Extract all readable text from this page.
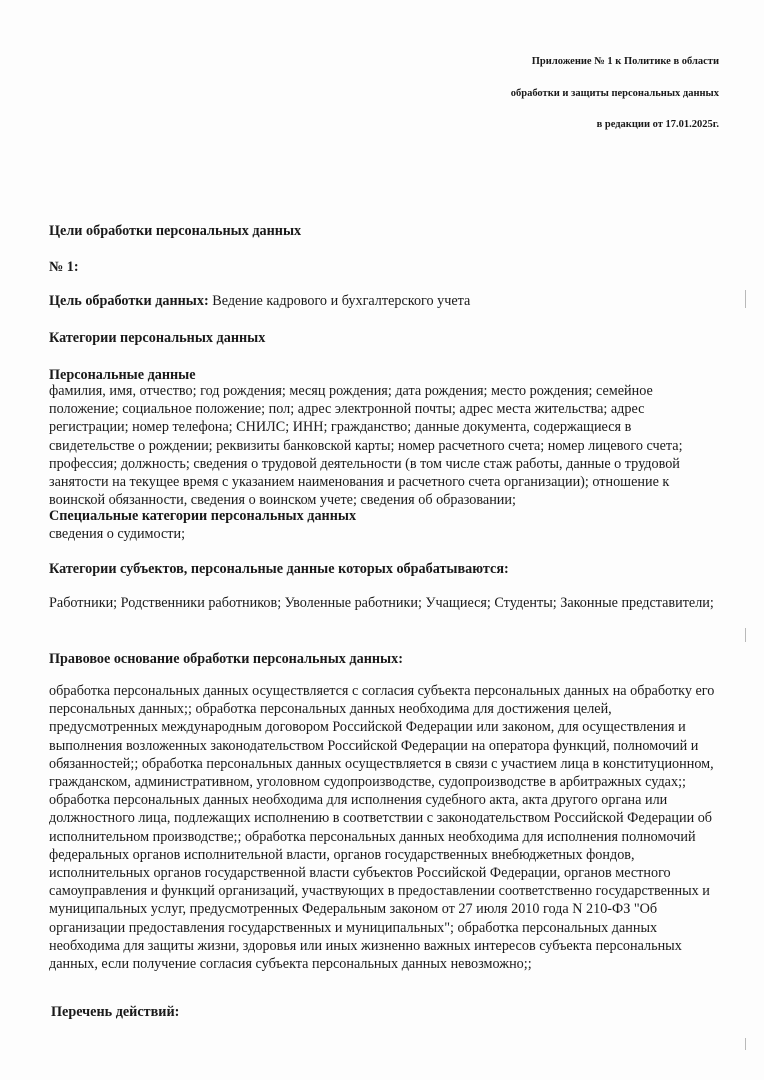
Приложение № 1 к Политике в области
обработки и защиты персональных данных
в редакции от 17.01.2025г.
Цели обработки персональных данных
№ 1:
Цель обработки данных: Ведение кадрового и бухгалтерского учета
Категории персональных данных
Персональные данные
фамилия, имя, отчество; год рождения; месяц рождения; дата рождения; место рождения; семейное положение; социальное положение; пол; адрес электронной почты; адрес места жительства; адрес регистрации; номер телефона; СНИЛС; ИНН; гражданство; данные документа, содержащиеся в свидетельстве о рождении; реквизиты банковской карты; номер расчетного счета; номер лицевого счета; профессия; должность; сведения о трудовой деятельности (в том числе стаж работы, данные о трудовой занятости на текущее время с указанием наименования и расчетного счета организации); отношение к воинской обязанности, сведения о воинском учете; сведения об образовании;
Специальные категории персональных данных
сведения о судимости;
Категории субъектов, персональные данные которых обрабатываются:
Работники; Родственники работников; Уволенные работники; Учащиеся; Студенты; Законные представители;
Правовое основание обработки персональных данных:
обработка персональных данных осуществляется с согласия субъекта персональных данных на обработку его персональных данных;; обработка персональных данных необходима для достижения целей, предусмотренных международным договором Российской Федерации или законом, для осуществления и выполнения возложенных законодательством Российской Федерации на оператора функций, полномочий и обязанностей;; обработка персональных данных осуществляется в связи с участием лица в конституционном, гражданском, административном, уголовном судопроизводстве, судопроизводстве в арбитражных судах;; обработка персональных данных необходима для исполнения судебного акта, акта другого органа или должностного лица, подлежащих исполнению в соответствии с законодательством Российской Федерации об исполнительном производстве;; обработка персональных данных необходима для исполнения полномочий федеральных органов исполнительной власти, органов государственных внебюджетных фондов, исполнительных органов государственной власти субъектов Российской Федерации, органов местного самоуправления и функций организаций, участвующих в предоставлении соответственно государственных и муниципальных услуг, предусмотренных Федеральным законом от 27 июля 2010 года N 210-ФЗ "Об организации предоставления государственных и муниципальных"; обработка персональных данных необходима для защиты жизни, здоровья или иных жизненно важных интересов субъекта персональных данных, если получение согласия субъекта персональных данных невозможно;;
Перечень действий:
